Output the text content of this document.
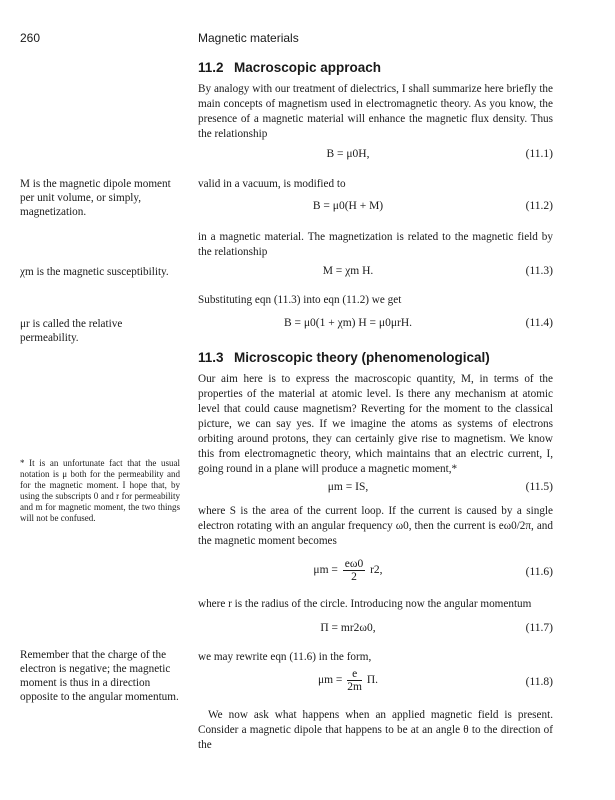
260	Magnetic materials
11.2 Macroscopic approach
By analogy with our treatment of dielectrics, I shall summarize here briefly the main concepts of magnetism used in electromagnetic theory. As you know, the presence of a magnetic material will enhance the magnetic flux density. Thus the relationship
B = μ0H,	(11.1)
valid in a vacuum, is modified to
B = μ0(H + M)	(11.2)
in a magnetic material. The magnetization is related to the magnetic field by the relationship
M = χm H.	(11.3)
Substituting eqn (11.3) into eqn (11.2) we get
B = μ0(1 + χm) H = μ0μrH.	(11.4)
11.3 Microscopic theory (phenomenological)
Our aim here is to express the macroscopic quantity, M, in terms of the properties of the material at atomic level. Is there any mechanism at atomic level that could cause magnetism? Reverting for the moment to the classical picture, we can say yes. If we imagine the atoms as systems of electrons orbiting around protons, they can certainly give rise to magnetism. We know this from electromagnetic theory, which maintains that an electric current, I, going round in a plane will produce a magnetic moment,*
μm = IS,	(11.5)
where S is the area of the current loop. If the current is caused by a single electron rotating with an angular frequency ω0, then the current is eω0/2π, and the magnetic moment becomes
$\mu m = \frac{e\omega 0}{2} r2$,	(11.6)
where r is the radius of the circle. Introducing now the angular momentum
Π = mr2ω0,	(11.7)
we may rewrite eqn (11.6) in the form,
$\mu m = \frac{e}{2m} \Pi$.	(11.8)
We now ask what happens when an applied magnetic field is present. Consider a magnetic dipole that happens to be at an angle θ to the direction of the
M is the magnetic dipole moment per unit volume, or simply, magnetization.
χm is the magnetic susceptibility.
μr is called the relative permeability.
* It is an unfortunate fact that the usual notation is μ both for the permeability and for the magnetic moment. I hope that, by using the subscripts 0 and r for permeability and m for magnetic moment, the two things will not be confused.
Remember that the charge of the electron is negative; the magnetic moment is thus in a direction opposite to the angular momentum.
